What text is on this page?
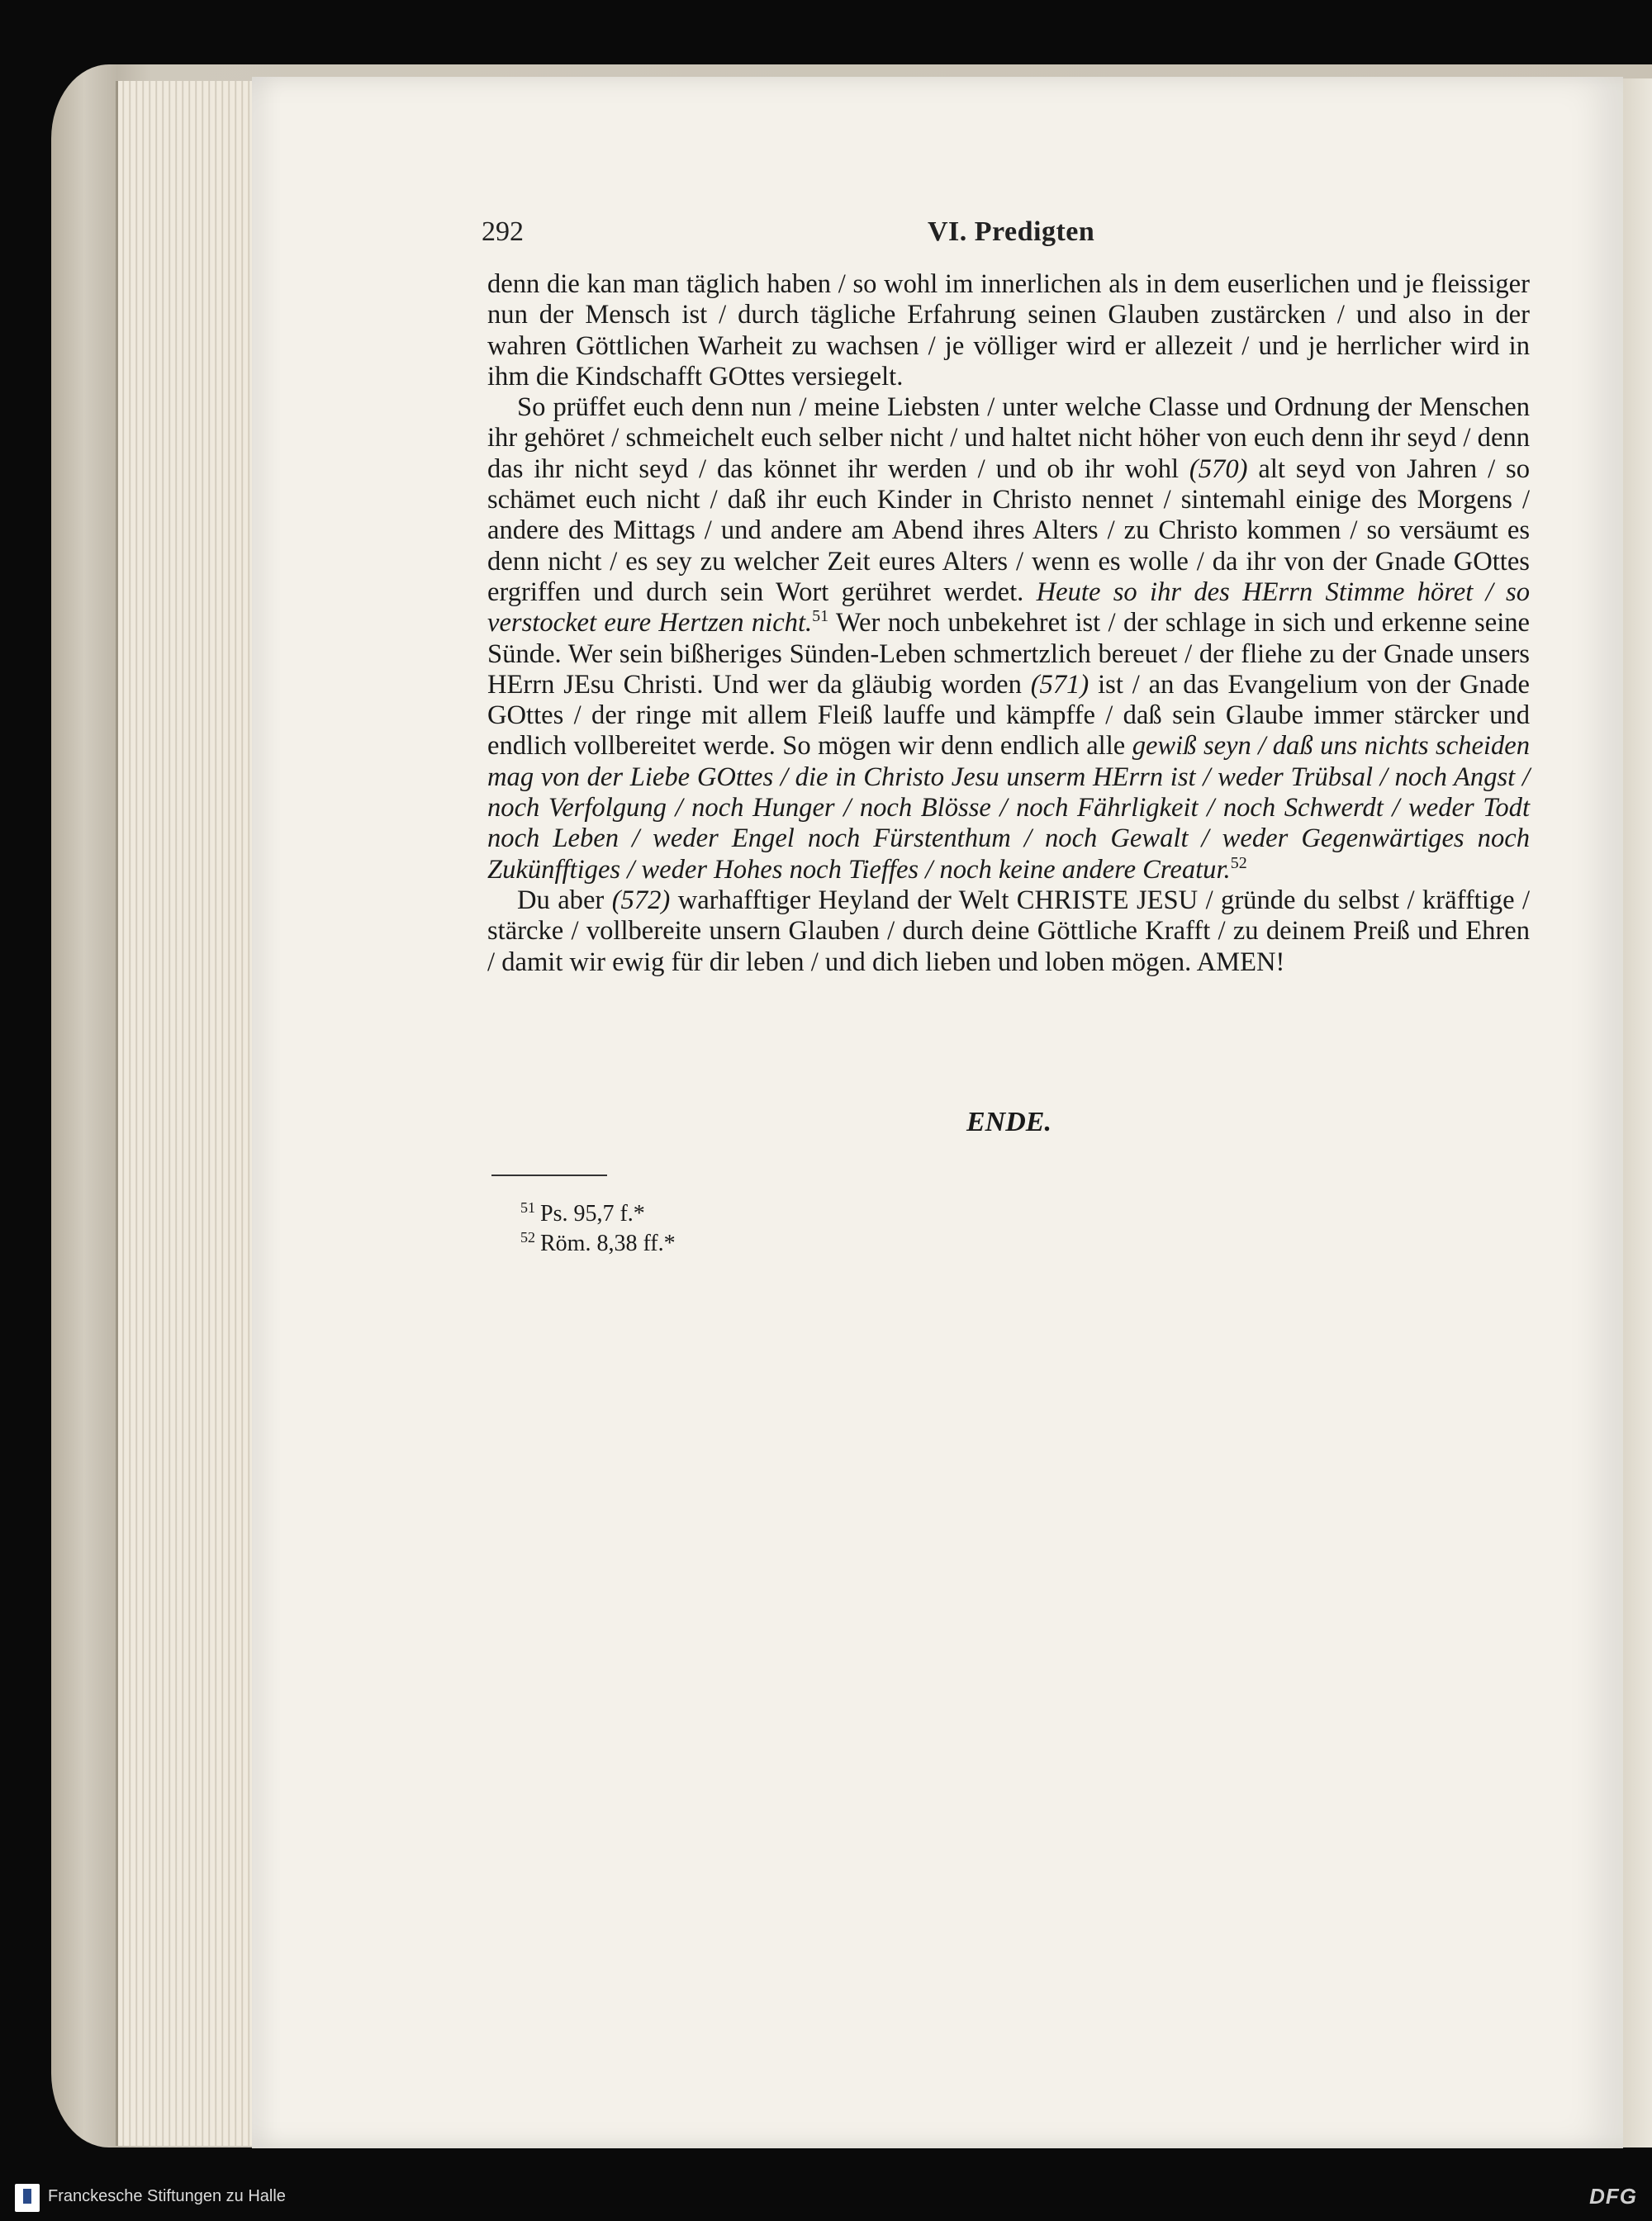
292	VI. Predigten

denn die kan man täglich haben / so wohl im innerlichen als in dem euserlichen und je fleissiger nun der Mensch ist / durch tägliche Erfahrung seinen Glauben zustärcken / und also in der wahren Göttlichen Warheit zu wachsen / je völliger wird er allezeit / und je herrlicher wird in ihm die Kindschafft GOttes versiegelt.

So prüffet euch denn nun / meine Liebsten / unter welche Classe und Ordnung der Menschen ihr gehöret / schmeichelt euch selber nicht / und haltet nicht höher von euch denn ihr seyd / denn das ihr nicht seyd / das könnet ihr werden / und ob ihr wohl (570) alt seyd von Jahren / so schämet euch nicht / daß ihr euch Kinder in Christo nennet / sintemahl einige des Morgens / andere des Mittags / und andere am Abend ihres Alters / zu Christo kommen / so versäumt es denn nicht / es sey zu welcher Zeit eures Alters / wenn es wolle / da ihr von der Gnade GOttes ergriffen und durch sein Wort gerühret werdet. Heute so ihr des HErrn Stimme höret / so verstocket eure Hertzen nicht.$^{51}$ Wer noch unbekehret ist / der schlage in sich und erkenne seine Sünde. Wer sein bißheriges Sünden-Leben schmertzlich bereuet / der fliehe zu der Gnade unsers HErrn JEsu Christi. Und wer da gläubig worden (571) ist / an das Evangelium von der Gnade GOttes / der ringe mit allem Fleiß lauffe und kämpffe / daß sein Glaube immer stärcker und endlich vollbereitet werde. So mögen wir denn endlich alle gewiß seyn / daß uns nichts scheiden mag von der Liebe GOttes / die in Christo Jesu unserm HErrn ist / weder Trübsal / noch Angst / noch Verfolgung / noch Hunger / noch Blösse / noch Fährligkeit / noch Schwerdt / weder Todt noch Leben / weder Engel noch Fürstenthum / noch Gewalt / weder Gegenwärtiges noch Zukünfftiges / weder Hohes noch Tieffes / noch keine andere Creatur.$^{52}$

Du aber (572) warhafftiger Heyland der Welt CHRISTE JESU / gründe du selbst / kräfftige / stärcke / vollbereite unsern Glauben / durch deine Göttliche Krafft / zu deinem Preiß und Ehren / damit wir ewig für dir leben / und dich lieben und loben mögen. AMEN!

ENDE.
$^{51}$ Ps. 95,7 f.*
$^{52}$ Röm. 8,38 ff.*
Franckesche Stiftungen zu Halle	DFG
